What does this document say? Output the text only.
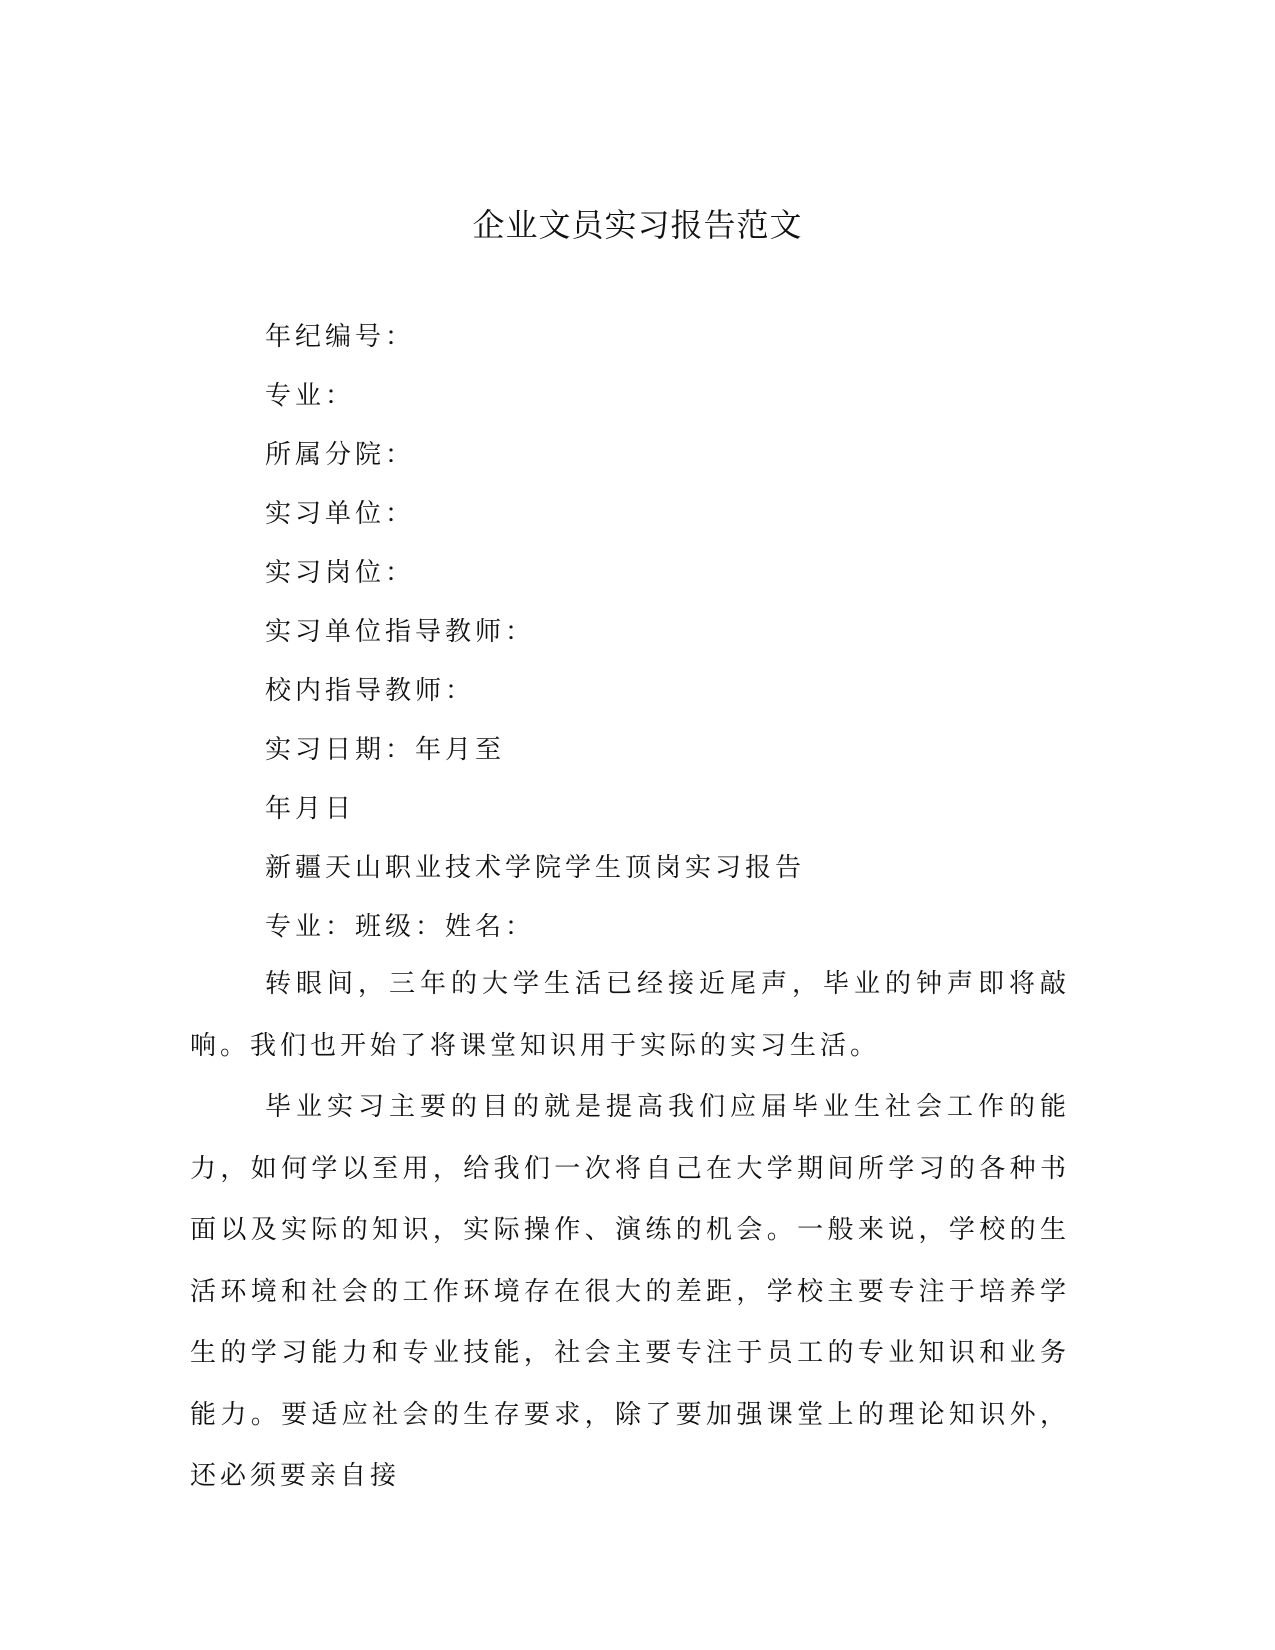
企业文员实习报告范文
年纪编号：
专业：
所属分院：
实习单位：
实习岗位：
实习单位指导教师：
校内指导教师：
实习日期：年月至
年月日
新疆天山职业技术学院学生顶岗实习报告
专业：班级：姓名：

转眼间，三年的大学生活已经接近尾声，毕业的钟声即将敲响。我们也开始了将课堂知识用于实际的实习生活。

毕业实习主要的目的就是提高我们应届毕业生社会工作的能力，如何学以至用，给我们一次将自己在大学期间所学习的各种书面以及实际的知识，实际操作、演练的机会。一般来说，学校的生活环境和社会的工作环境存在很大的差距，学校主要专注于培养学生的学习能力和专业技能，社会主要专注于员工的专业知识和业务能力。要适应社会的生存要求，除了要加强课堂上的理论知识外，还必须要亲自接
